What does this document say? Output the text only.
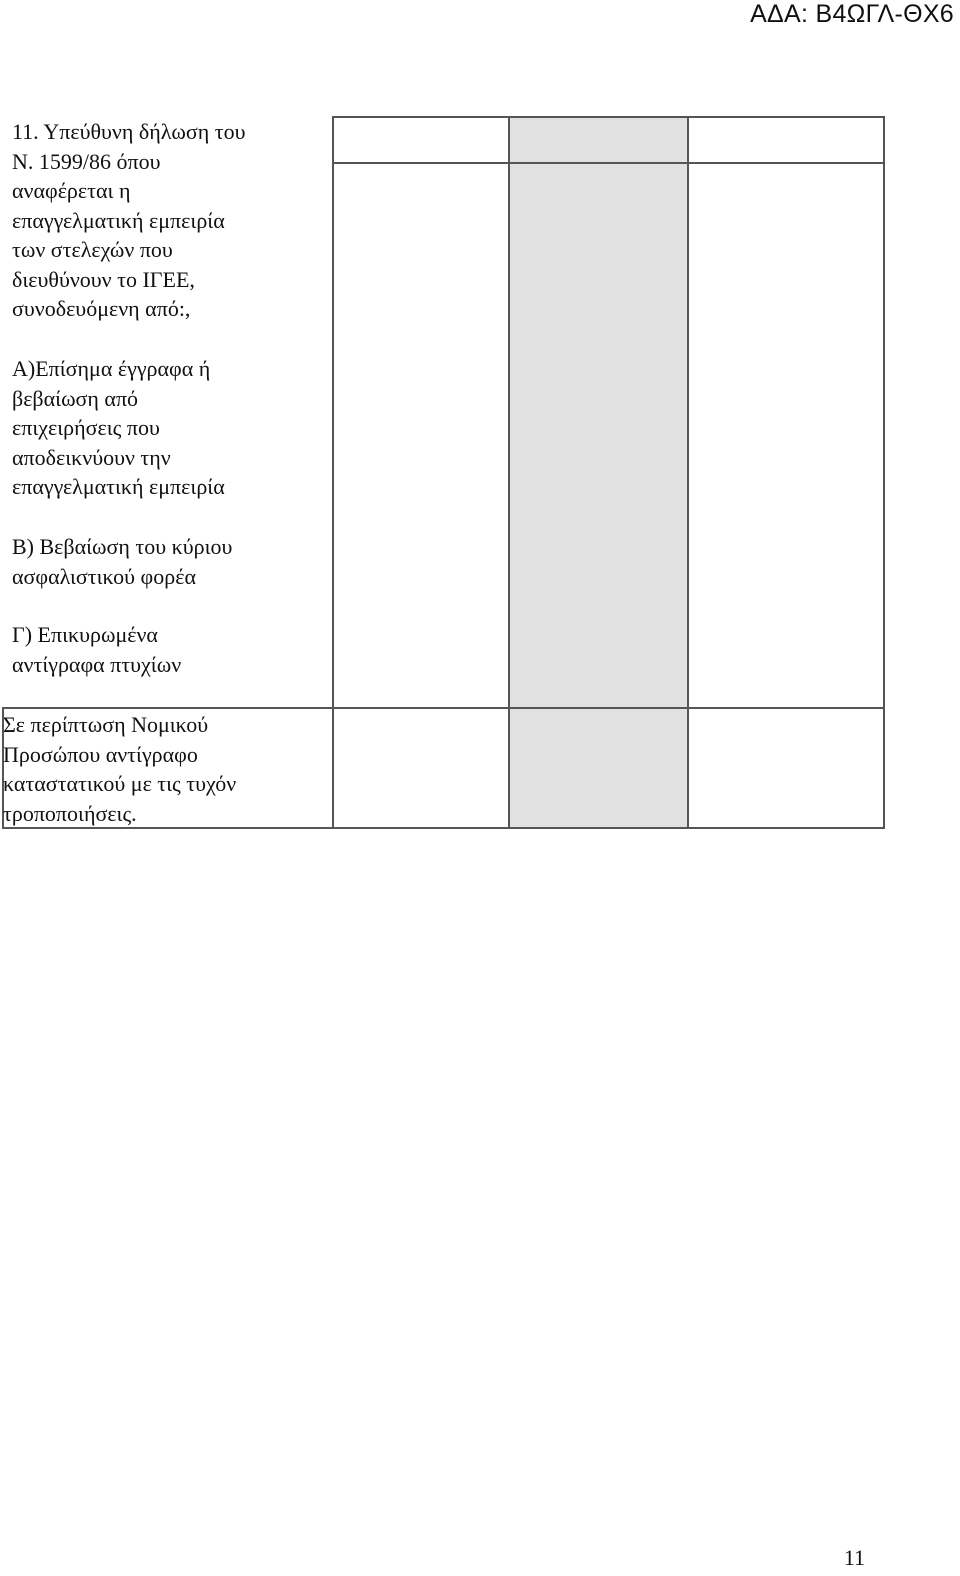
ΑΔΑ: Β4ΩΓΛ-ΘΧ6
11. Υπεύθυνη δήλωση του
Ν. 1599/86 όπου
αναφέρεται η
επαγγελματική εμπειρία
των στελεχών που
διευθύνουν το ΙΓΕΕ,
συνοδευόμενη από:,
Α)Επίσημα έγγραφα ή
βεβαίωση από
επιχειρήσεις που
αποδεικνύουν την
επαγγελματική εμπειρία
Β) Βεβαίωση του κύριου
ασφαλιστικού φορέα
Γ) Επικυρωμένα
αντίγραφα πτυχίων
Σε περίπτωση Νομικού
Προσώπου αντίγραφο
καταστατικού με τις τυχόν
τροποποιήσεις.
11
